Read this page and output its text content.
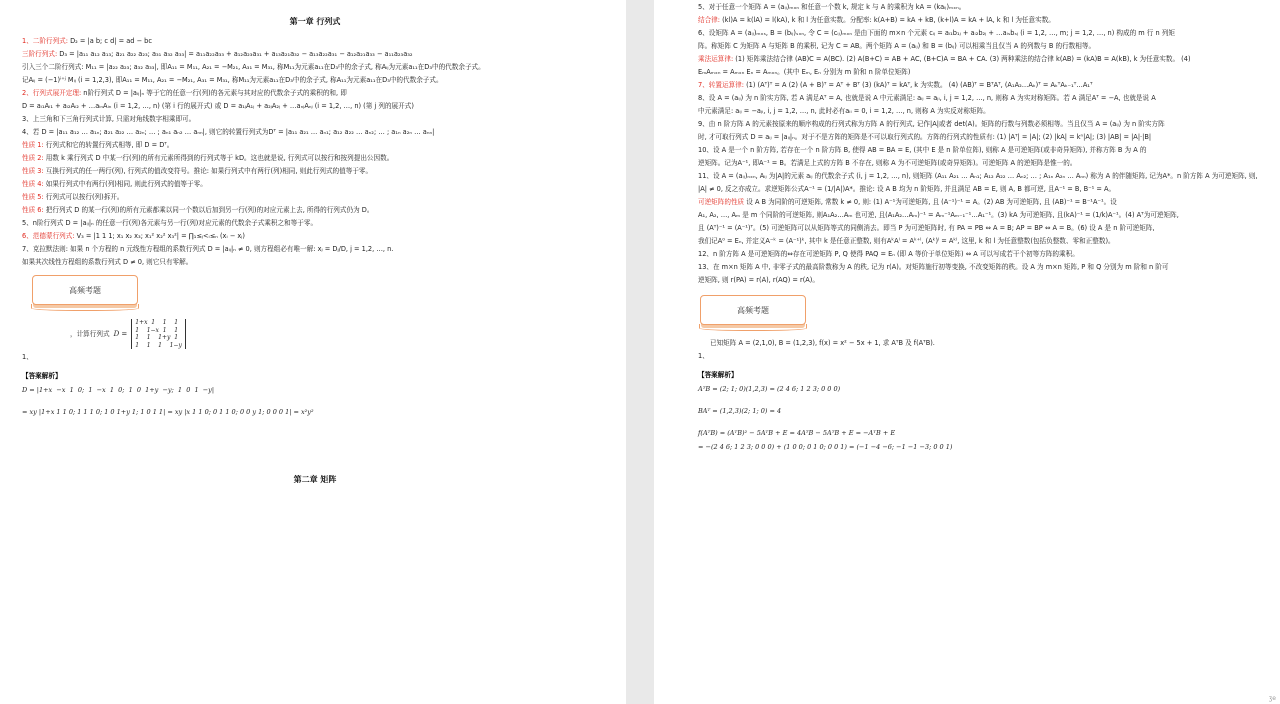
第一章 行列式
1、二阶行列式: D₂ = |a b; c d| = ad − bc
三阶行列式: D₃ = |a₁₁ a₁₂ a₁₃; a₂₁ a₂₂ a₂₃; a₃₁ a₃₂ a₃₃| = a₁₁a₂₂a₃₃ + a₁₂a₂₃a₃₁ + a₁₃a₂₁a₃₂ − a₁₃a₂₂a₃₁ − a₁₂a₂₁a₃₃ − a₁₁a₂₃a₃₂
引入三个二阶行列式: M₁₁ = |a₂₂ a₂₃; a₃₂ a₃₃|, 即A₁₁ = M₁₁, A₂₁ = −M₂₁, A₃₁ = M₃₁, 称M₁₁为元素a₁₁在D₃中的余子式, 称Aᵢⱼ为元素a₁₁在D₃中的代数余子式。
记Aᵢⱼ = (−1)ⁱ⁺ʲ Mᵢⱼ (i = 1,2,3), 即A₁₁ = M₁₁, A₂₁ = −M₂₁, A₃₁ = M₃₁, 称M₁₁为元素a₁₁在D₃中的余子式, 称A₁₁为元素a₁₁在D₃中的代数余子式。
2、行列式展开定理: n阶行列式 D = |aᵢⱼ|ₙ 等于它的任意一行(列)的各元素与其对应的代数余子式的乘积的和, 即
D = aᵢ₁Aᵢ₁ + aᵢ₂Aᵢ₂ + …aᵢₙAᵢₙ (i = 1,2, …, n) (第 i 行的展开式) 或 D = a₁ⱼA₁ⱼ + a₂ⱼA₂ⱼ + …aₙⱼAₙⱼ (i = 1,2, …, n) (第 j 列的展开式)
3、上三角和下三角行列式计算, 只需对角线数字相乘即可。
4、若 D = |a₁₁ a₁₂ … a₁ₙ; a₂₁ a₂₂ … a₂ₙ; … ; aₙ₁ aₙ₂ … aₙₙ|, 则它的转置行列式为Dᵀ = |a₁₁ a₂₁ … aₙ₁; a₁₂ a₂₂ … aₙ₂; … ; a₁ₙ a₂ₙ … aₙₙ|
性质 1: 行列式和它的转置行列式相等, 即 D = Dᵀ。
性质 2: 用数 k 乘行列式 D 中某一行(列)的所有元素所得到的行列式等于 kD。这也就是说, 行列式可以按行和按列提出公因数。
性质 3: 互换行列式的任一两行(列), 行列式的值改变符号。推论: 如果行列式中有两行(列)相同, 则此行列式的值等于零。
性质 4: 如果行列式中有两行(列)相同, 则此行列式的值等于零。
性质 5: 行列式可以按行(列)拆开。
性质 6: 把行列式 D 的某一行(列)的所有元素都乘以同一个数以后加到另一行(列)的对应元素上去, 所得的行列式仍为 D。
5、n阶行列式 D = |aᵢⱼ|ₙ 的任意一行(列)各元素与另一行(列)对应元素的代数余子式乘积之和等于零。
6、范德蒙行列式: V₃ = |1 1 1; x₁ x₂ x₃; x₁² x₂² x₃²| = ∏₁≤ⱼ<ᵢ≤ₙ (xᵢ − xⱼ)
7、克拉默法则: 如果 n 个方程的 n 元线性方程组的系数行列式 D = |aᵢⱼ|ₙ ≠ 0, 则方程组必有唯一解: xⱼ = Dⱼ/D, j = 1,2, …, n.
如果其次线性方程组的系数行列式 D ≠ 0, 则它只有零解。
高频考题
，计算行列式 D =
1+x  1    1    1
1    1−x  1    1
1    1    1+y  1
1    1    1    1−y
1、
【答案解析】
D = |1+x  −x  1  0;  1  −x  1  0;  1  0  1+y  −y;  1  0  1  −y|
= xy |1+x 1 1 0; 1 1 1 0; 1 0 1+y 1; 1 0 1 1| = xy |x 1 1 0; 0 1 1 0; 0 0 y 1; 0 0 0 1| = x²y²
第二章 矩阵
5、对于任意一个矩阵 A = (aᵢⱼ)ₘₓₙ 和任意一个数 k, 规定 k 与 A 的乘积为 kA = (kaᵢⱼ)ₘₓₙ。
结合律: (kl)A = k(lA) = l(kA), k 和 l 为任意实数。分配率: k(A+B) = kA + kB, (k+l)A = kA + lA, k 和 l 为任意实数。
6、设矩阵 A = (aᵢⱼ)ₘₓₛ, B = (bᵢⱼ)ₛₓₙ, 令 C = (cᵢⱼ)ₘₓₙ 是由下面的 m×n 个元素 cᵢⱼ = aᵢ₁b₁ⱼ + aᵢ₂b₂ⱼ + …aᵢₛbₛⱼ (i = 1,2, …, m; j = 1,2, …, n) 构成的 m 行 n 列矩
阵。称矩阵 C 为矩阵 A 与矩阵 B 的乘积, 记为 C = AB。两个矩阵 A = (aᵢⱼ) 和 B = (bᵢⱼ) 可以相乘当且仅当 A 的列数与 B 的行数相等。
乘法运算律: (1) 矩阵乘法结合律 (AB)C = A(BC). (2) A(B+C) = AB + AC, (B+C)A = BA + CA. (3) 两种乘法的结合律 k(AB) = (kA)B = A(kB), k 为任意实数。 (4)
EₘAₘₓₙ = Aₘₓₙ Eₙ = Aₘₓₙ。(其中 Eₘ, Eₙ 分别为 m 阶和 n 阶单位矩阵)
7、转置运算律: (1) (Aᵀ)ᵀ = A (2) (A + B)ᵀ = Aᵀ + Bᵀ (3) (kA)ᵀ = kAᵀ, k 为实数。 (4) (AB)ᵀ = BᵀAᵀ, (A₁A₂…Aₖ)ᵀ = AₖᵀAₖ₋₁ᵀ…A₁ᵀ
8、设 A = (aᵢⱼ) 为 n 阶实方阵, 若 A 满足Aᵀ = A, 也就是说 A 中元素满足: aᵢⱼ = aⱼᵢ, i, j = 1,2, …, n, 则称 A 为实对称矩阵。若 A 满足Aᵀ = −A, 也就是说 A
中元素满足: aᵢⱼ = −aⱼᵢ, i, j = 1,2, …, n, 此时必有aᵢᵢ = 0, i = 1,2, …, n, 则称 A 为实反对称矩阵。
9、由 n 阶方阵 A 的元素按原来的顺序构成的行列式称为方阵 A 的行列式, 记作|A|或者 det(A)。矩阵的行数与列数必须相等。当且仅当 A = (aᵢⱼ) 为 n 阶实方阵
时, 才可取行列式 D = aᵢⱼ = |aᵢⱼ|ₙ。对于不是方阵的矩阵是不可以取行列式的。方阵的行列式的性质有: (1) |Aᵀ| = |A|; (2) |kA| = kⁿ|A|; (3) |AB| = |A|·|B|
10、设 A 是一个 n 阶方阵, 若存在一个 n 阶方阵 B, 使得 AB = BA = E, (其中 E 是 n 阶单位阵), 则称 A 是可逆矩阵(或非奇异矩阵), 并称方阵 B 为 A 的
逆矩阵。记为A⁻¹, 即A⁻¹ = B。若满足上式的方阵 B 不存在, 则称 A 为不可逆矩阵(或奇异矩阵)。可逆矩阵 A 的逆矩阵是惟一的。
11、设 A = (aᵢⱼ)ₙₓₙ, Aᵢⱼ 为|A|的元素 aᵢⱼ 的代数余子式 (i, j = 1,2, …, n), 则矩阵 (A₁₁ A₂₁ … Aₙ₁; A₁₂ A₂₂ … Aₙ₂; … ; A₁ₙ A₂ₙ … Aₙₙ) 称为 A 的伴随矩阵, 记为A*。n 阶方阵 A 为可逆矩阵, 则,
|A| ≠ 0, 反之亦成立。求逆矩阵公式A⁻¹ = (1/|A|)A*。推论: 设 A B 均为 n 阶矩阵, 并且满足 AB = E, 则 A, B 都可逆, 且A⁻¹ = B, B⁻¹ = A。
可逆矩阵的性质 设 A B 为同阶的可逆矩阵, 常数 k ≠ 0, 则: (1) A⁻¹为可逆矩阵, 且 (A⁻¹)⁻¹ = A。(2) AB 为可逆矩阵, 且 (AB)⁻¹ = B⁻¹A⁻¹。设
A₁, A₂, …, Aₘ 是 m 个同阶的可逆矩阵, 则A₁A₂…Aₘ 也可逆, 且(A₁A₂…Aₘ)⁻¹ = Aₘ⁻¹Aₘ₋₁⁻¹…A₁⁻¹。(3) kA 为可逆矩阵, 且(kA)⁻¹ = (1/k)A⁻¹。(4) Aᵀ为可逆矩阵,
且 (Aᵀ)⁻¹ = (A⁻¹)ᵀ。(5) 可逆矩阵可以从矩阵等式的同侧消去。即当 P 为可逆矩阵时, 有 PA = PB ⇔ A = B; AP = BP ⇔ A = B。(6) 设 A 是 n 阶可逆矩阵,
我们记A⁰ = Eₙ, 并定义A⁻ᵏ = (A⁻¹)ᵏ, 其中 k 是任意正整数, 则有AᵏAˡ = Aᵏ⁺ˡ, (Aᵏ)ˡ = Aᵏˡ, 这里, k 和 l 为任意整数(包括负整数、零和正整数)。
12、n 阶方阵 A 是可逆矩阵的⇔存在可逆矩阵 P, Q 使得 PAQ = Eₙ (即 A 等价于单位矩阵) ⇔ A 可以写成若干个初等方阵的乘积。
13、在 m×n 矩阵 A 中, 非零子式的最高阶数称为 A 的秩, 记为 r(A)。对矩阵施行初等变换, 不改变矩阵的秩。设 A 为 m×n 矩阵, P 和 Q 分别为 m 阶和 n 阶可
逆矩阵, 则 r(PA) = r(A), r(AQ) = r(A)。
高频考题
已知矩阵 A = (2,1,0), B = (1,2,3), f(x) = x² − 5x + 1, 求 AᵀB 及 f(AᵀB).
1、
【答案解析】
AᵀB = (2; 1; 0)(1,2,3) = (2 4 6; 1 2 3; 0 0 0)
BAᵀ = (1,2,3)(2; 1; 0) = 4
f(AᵀB) = (AᵀB)² − 5AᵀB + E = 4AᵀB − 5AᵀB + E = −AᵀB + E
= −(2 4 6; 1 2 3; 0 0 0) + (1 0 0; 0 1 0; 0 0 1) = (−1 −4 −6; −1 −1 −3; 0 0 1)
ʒe
